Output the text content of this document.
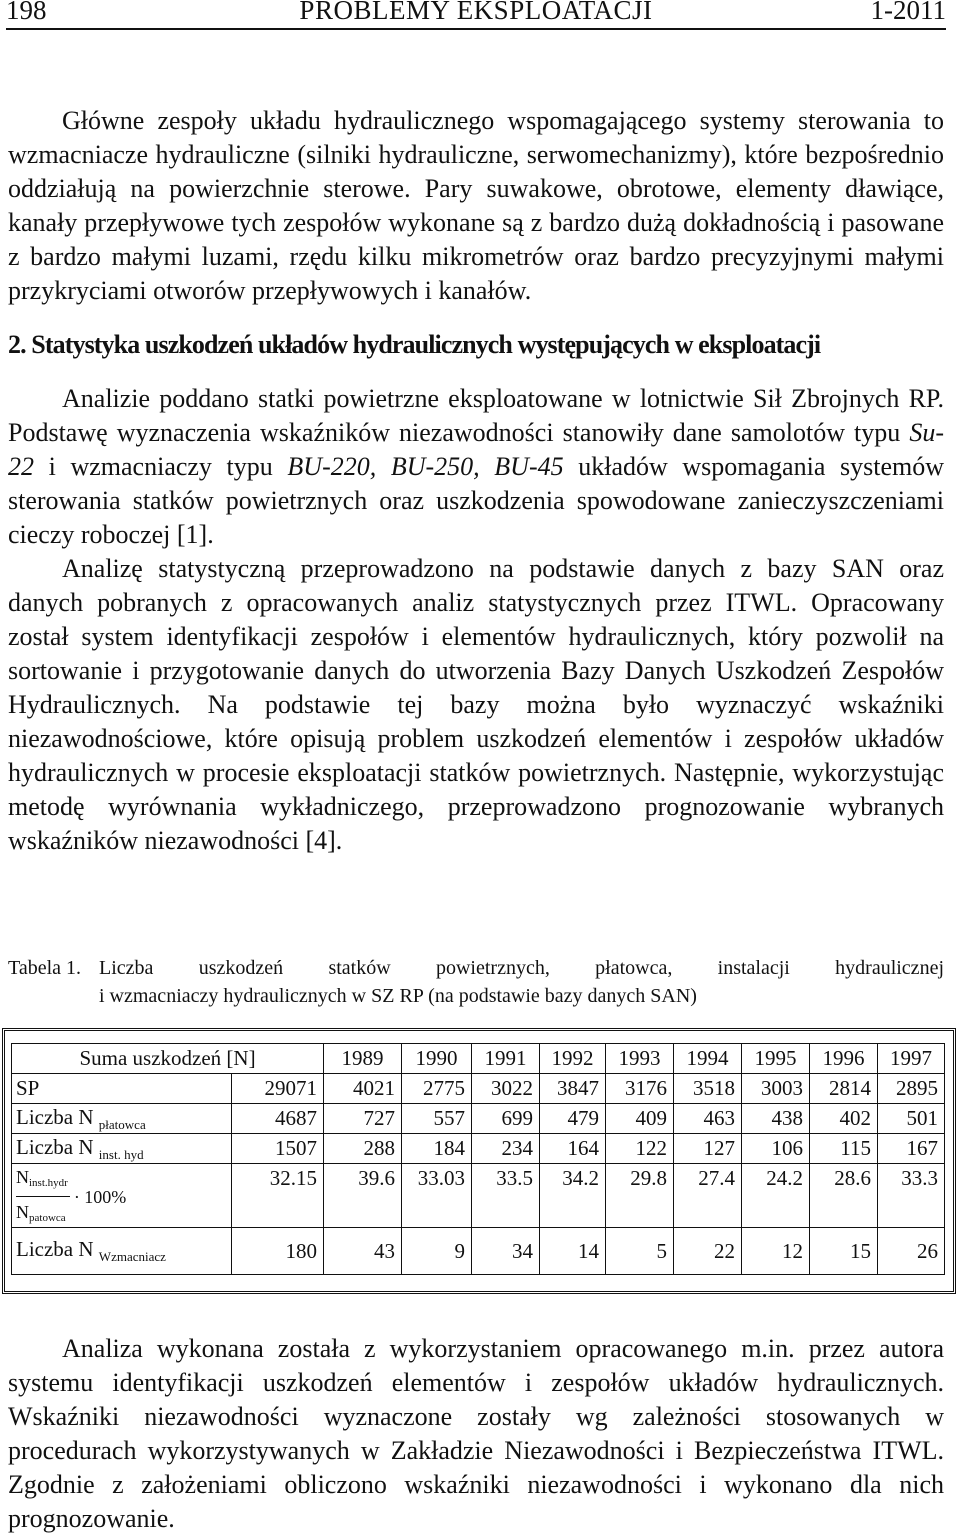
198	PROBLEMY EKSPLOATACJI	1-2011

Główne zespoły układu hydraulicznego wspomagającego systemy sterowania to wzmacniacze hydrauliczne (silniki hydrauliczne, serwomechanizmy), które bezpośrednio oddziałują na powierzchnie sterowe. Pary suwakowe, obrotowe, elementy dławiące, kanały przepływowe tych zespołów wykonane są z bardzo dużą dokładnością i pasowane z bardzo małymi luzami, rzędu kilku mikrometrów oraz bardzo precyzyjnymi małymi przykryciami otworów przepływowych i kanałów.

2. Statystyka uszkodzeń układów hydraulicznych występujących w eksploatacji

Analizie poddano statki powietrzne eksploatowane w lotnictwie Sił Zbrojnych RP. Podstawę wyznaczenia wskaźników niezawodności stanowiły dane samolotów typu Su-22 i wzmacniaczy typu BU-220, BU-250, BU-45 układów wspomagania systemów sterowania statków powietrznych oraz uszkodzenia spowodowane zanieczyszczeniami cieczy roboczej [1].

Analizę statystyczną przeprowadzono na podstawie danych z bazy SAN oraz danych pobranych z opracowanych analiz statystycznych przez ITWL. Opracowany został system identyfikacji zespołów i elementów hydraulicznych, który pozwolił na sortowanie i przygotowanie danych do utworzenia Bazy Danych Uszkodzeń Zespołów Hydraulicznych. Na podstawie tej bazy można było wyznaczyć wskaźniki niezawodnościowe, które opisują problem uszkodzeń elementów i zespołów układów hydraulicznych w procesie eksploatacji statków powietrznych. Następnie, wykorzystując metodę wyrównania wykładniczego, przeprowadzono prognozowanie wybranych wskaźników niezawodności [4].

Tabela 1. Liczba uszkodzeń statków powietrznych, płatowca, instalacji hydraulicznej
i wzmacniaczy hydraulicznych w SZ RP (na podstawie bazy danych SAN)
Suma uszkodzeń [N]		1989	1990	1991	1992	1993	1994	1995	1996	1997
SP	29071	4021	2775	3022	3847	3176	3518	3003	2814	2895
Liczba N $_{płatowca}$	4687	727	557	699	479	409	463	438	402	501
Liczba N $_{inst. hyd}$	1507	288	184	234	164	122	127	106	115	167

$\frac{N_{inst.hydr}}{N_{patowca}} \cdot 100\%$	32.15	39.6	33.03	33.5	34.2	29.8	27.4	24.2	28.6	33.3
Liczba N $_{Wzmacniacz}$	180	43	9	34	14	5	22	12	15	26

Analiza wykonana została z wykorzystaniem opracowanego m.in. przez autora systemu identyfikacji uszkodzeń elementów i zespołów układów hydraulicznych. Wskaźniki niezawodności wyznaczone zostały wg zależności stosowanych w procedurach wykorzystywanych w Zakładzie Niezawodności i Bezpieczeństwa ITWL. Zgodnie z założeniami obliczono wskaźniki niezawodności i wykonano dla nich prognozowanie.
